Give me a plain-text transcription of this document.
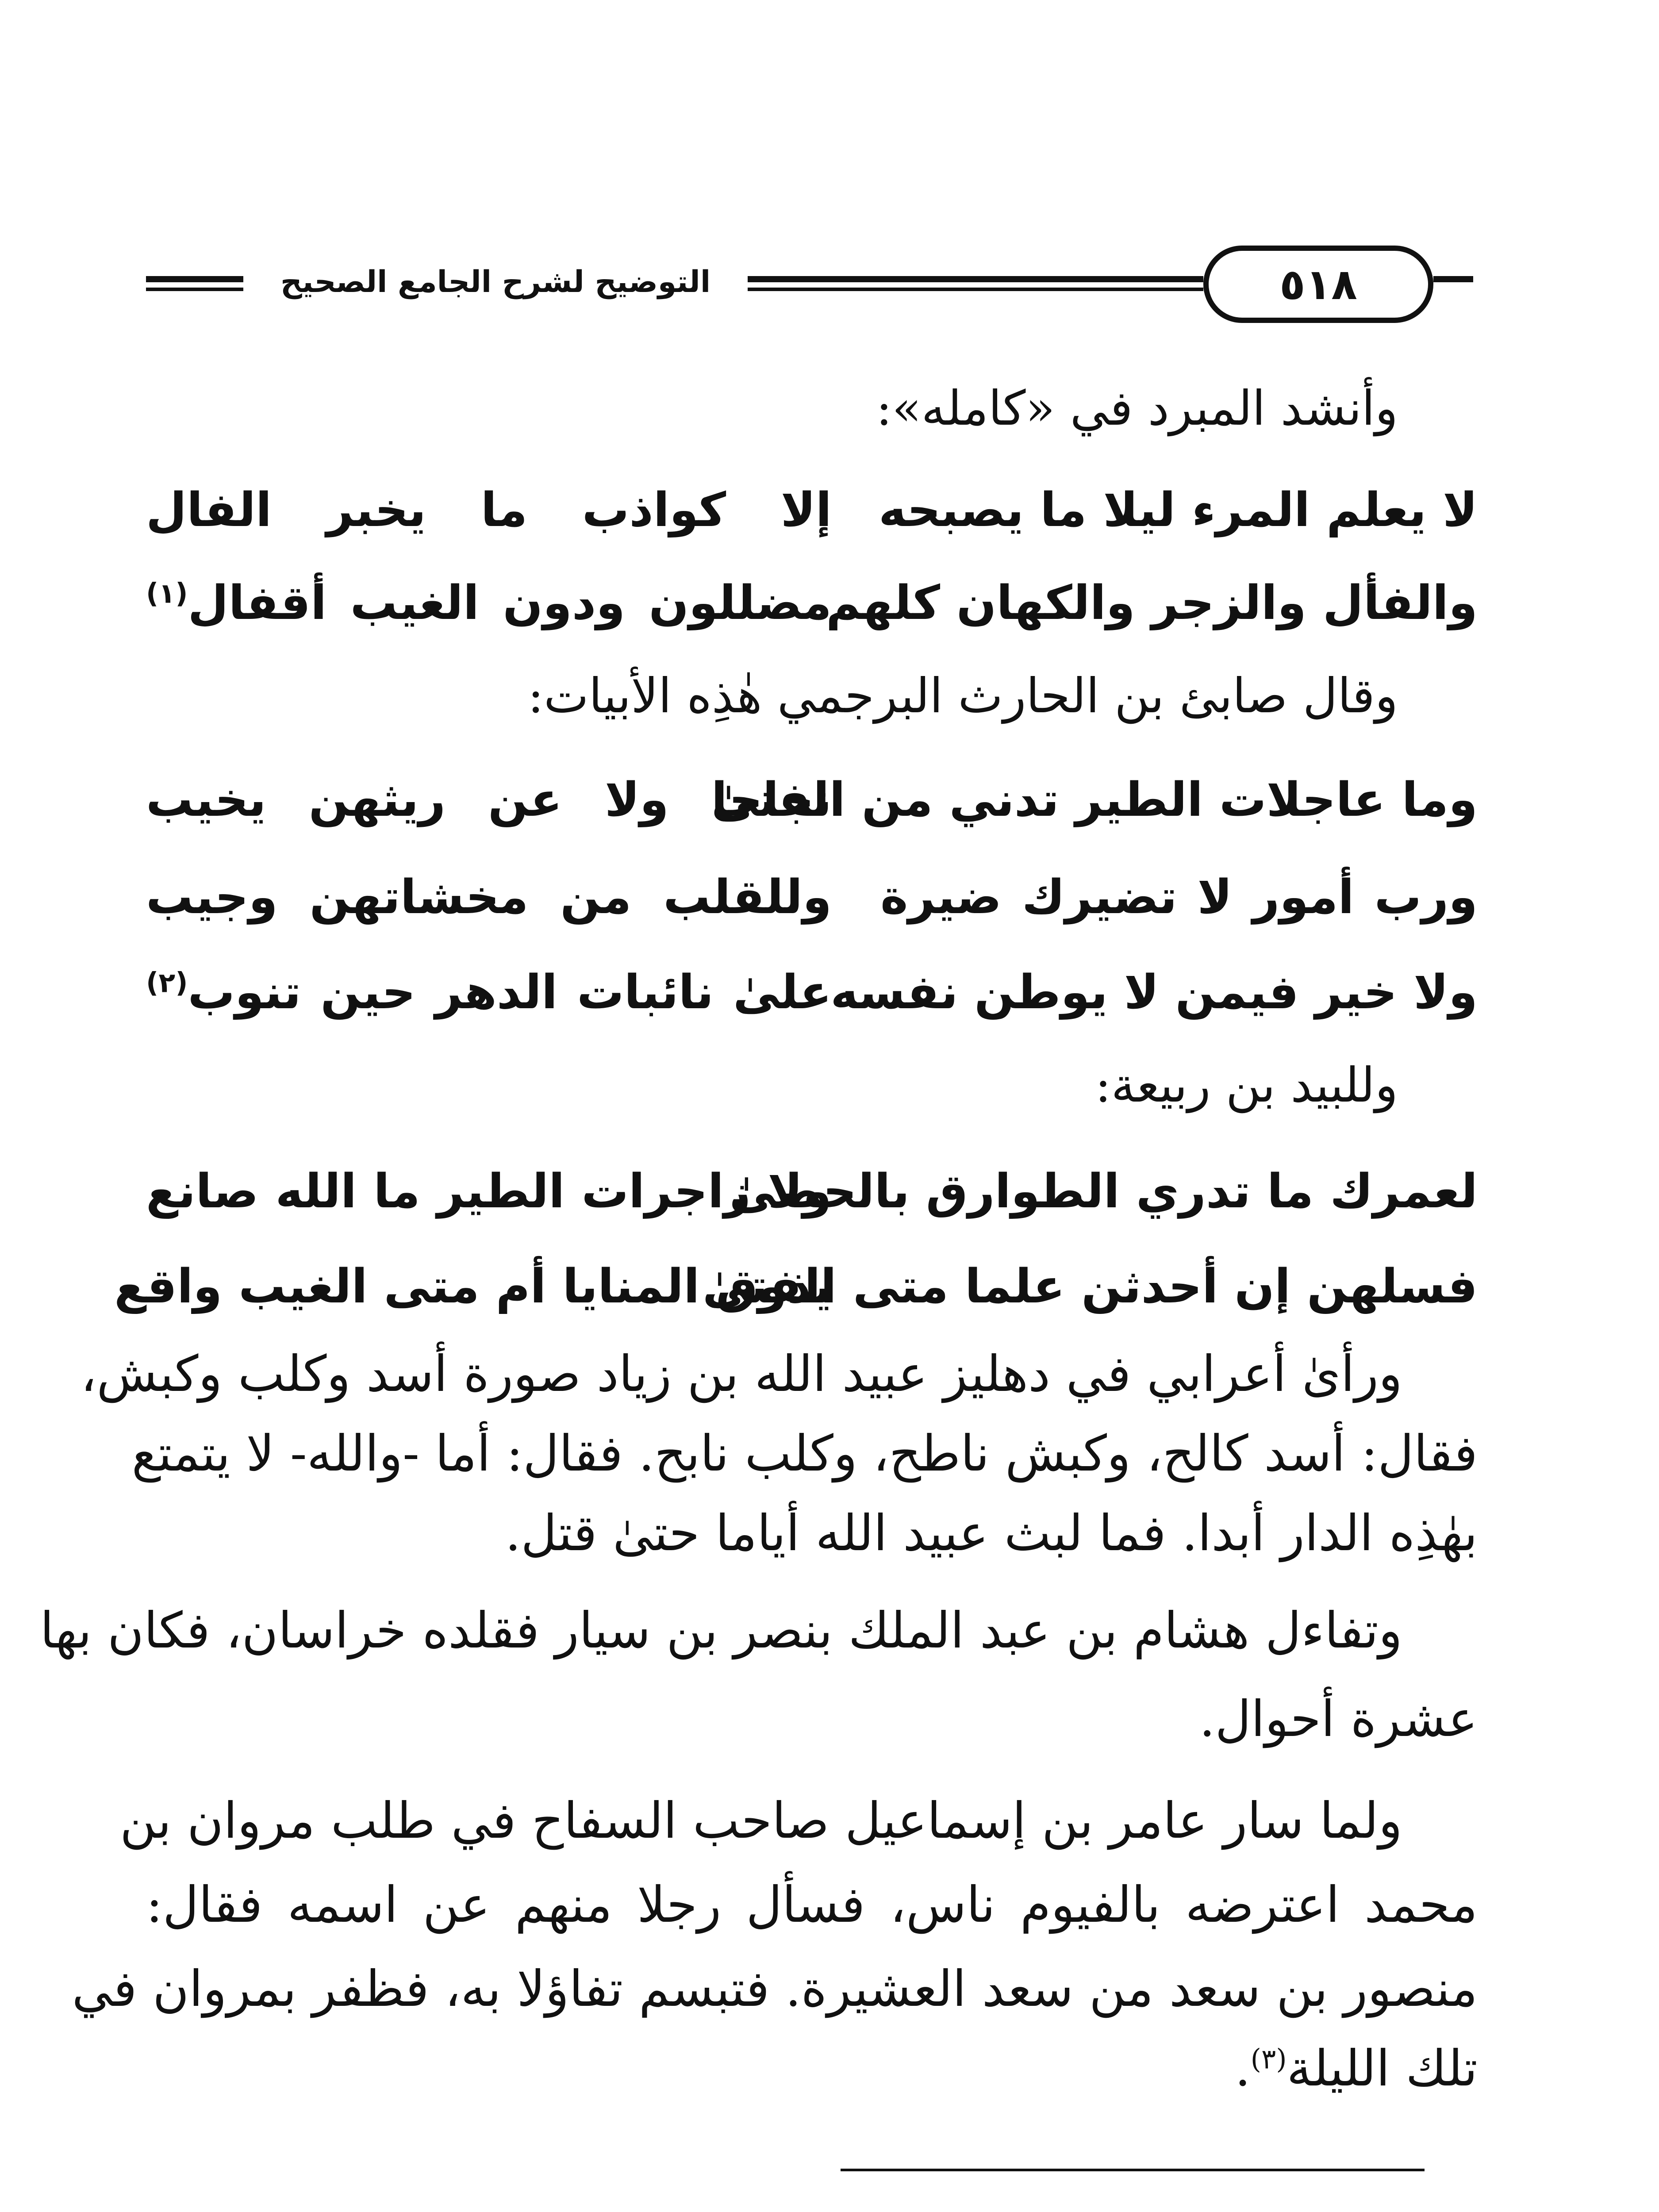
التوضيح لشرح الجامع الصحيح	٥١٨
وأنشد المبرد في «كامله»:
لا يعلم المرء ليلا ما يصبحه
إلا كواذب ما يخبر الفال
والفأل والزجر والكهان كلهم
مضللون ودون الغيب أقفال$^{(١)}$
وقال صابئ بن الحارث البرجمي هٰذِه الأبيات:
وما عاجلات الطير تدني من الفتىٰ
نجاحا ولا عن ريثهن يخيب
ورب أمور لا تضيرك ضيرة
وللقلب من مخشاتهن وجيب
ولا خير فيمن لا يوطن نفسه
علىٰ نائبات الدهر حين تنوب$^{(٢)}$
وللبيد بن ربيعة:
لعمرك ما تدري الطوارق بالحصىٰ
ولا زاجرات الطير ما الله صانع
فسلهن إن أحدثن علما متى الفتىٰ
يذوق المنايا أم متى الغيب واقع
ورأىٰ أعرابي في دهليز عبيد الله بن زياد صورة أسد وكلب وكبش،
فقال: أسد كالح، وكبش ناطح، وكلب نابح. فقال: أما -والله- لا يتمتع
بهٰذِه الدار أبدا. فما لبث عبيد الله أياما حتىٰ قتل.
وتفاءل هشام بن عبد الملك بنصر بن سيار فقلده خراسان، فكان بها
عشرة أحوال.
ولما سار عامر بن إسماعيل صاحب السفاح في طلب مروان بن
محمد اعترضه بالفيوم ناس، فسأل رجلا منهم عن اسمه فقال:
منصور بن سعد من سعد العشيرة. فتبسم تفاؤلا به، فظفر بمروان في
تلك الليلة$^{(٣)}$.
